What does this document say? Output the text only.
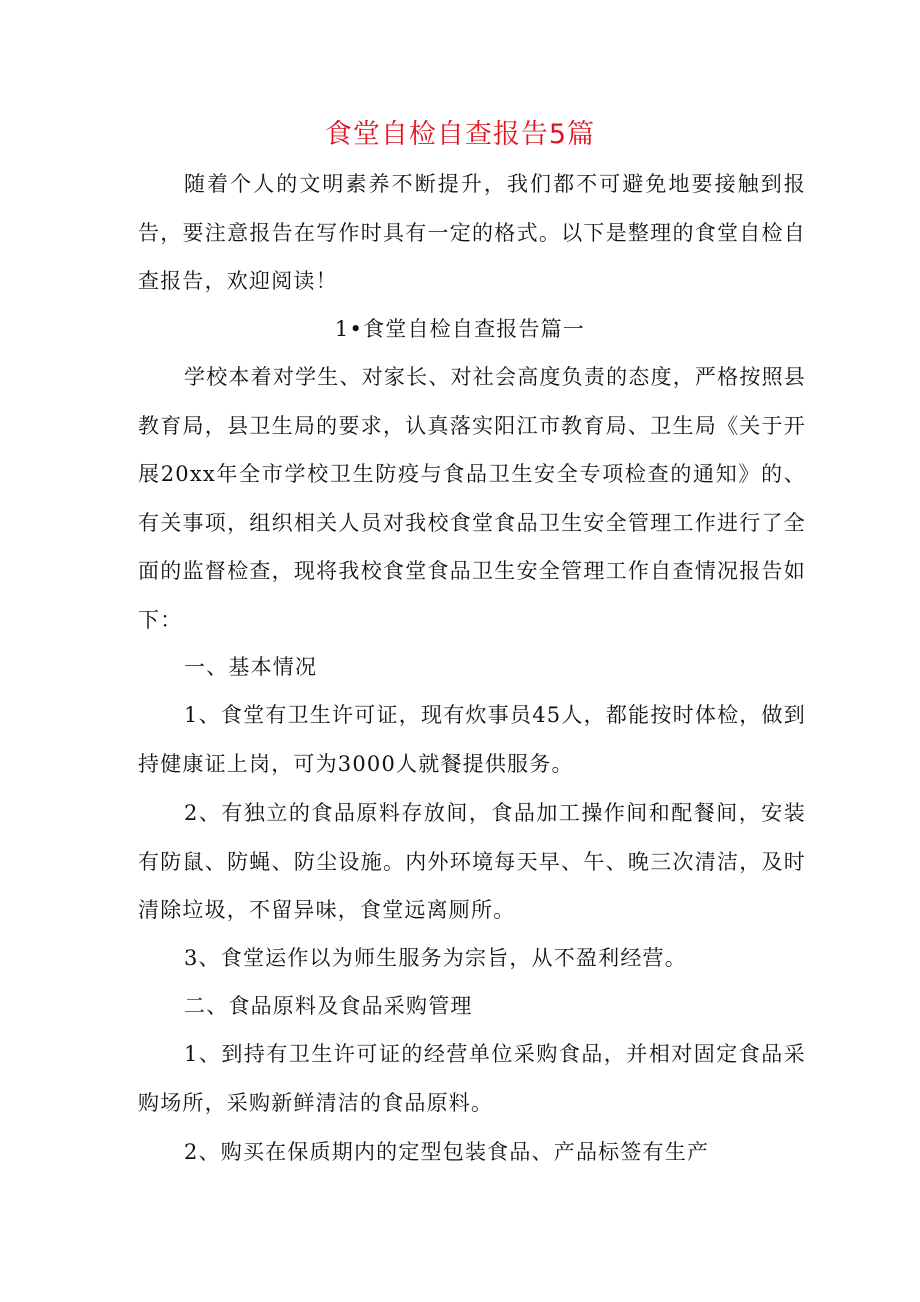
食堂自检自查报告5篇

随着个人的文明素养不断提升，我们都不可避免地要接触到报告，要注意报告在写作时具有一定的格式。以下是整理的食堂自检自查报告，欢迎阅读！

1•食堂自检自查报告篇一

学校本着对学生、对家长、对社会高度负责的态度，严格按照县教育局，县卫生局的要求，认真落实阳江市教育局、卫生局《关于开展20xx年全市学校卫生防疫与食品卫生安全专项检查的通知》的、有关事项，组织相关人员对我校食堂食品卫生安全管理工作进行了全面的监督检查，现将我校食堂食品卫生安全管理工作自查情况报告如下：

一、基本情况

1、食堂有卫生许可证，现有炊事员45人，都能按时体检，做到持健康证上岗，可为3000人就餐提供服务。

2、有独立的食品原料存放间，食品加工操作间和配餐间，安装有防鼠、防蝇、防尘设施。内外环境每天早、午、晚三次清洁，及时清除垃圾，不留异味，食堂远离厕所。

3、食堂运作以为师生服务为宗旨，从不盈利经营。

二、食品原料及食品采购管理

1、到持有卫生许可证的经营单位采购食品，并相对固定食品采购场所，采购新鲜清洁的食品原料。

2、购买在保质期内的定型包装食品、产品标签有生产
